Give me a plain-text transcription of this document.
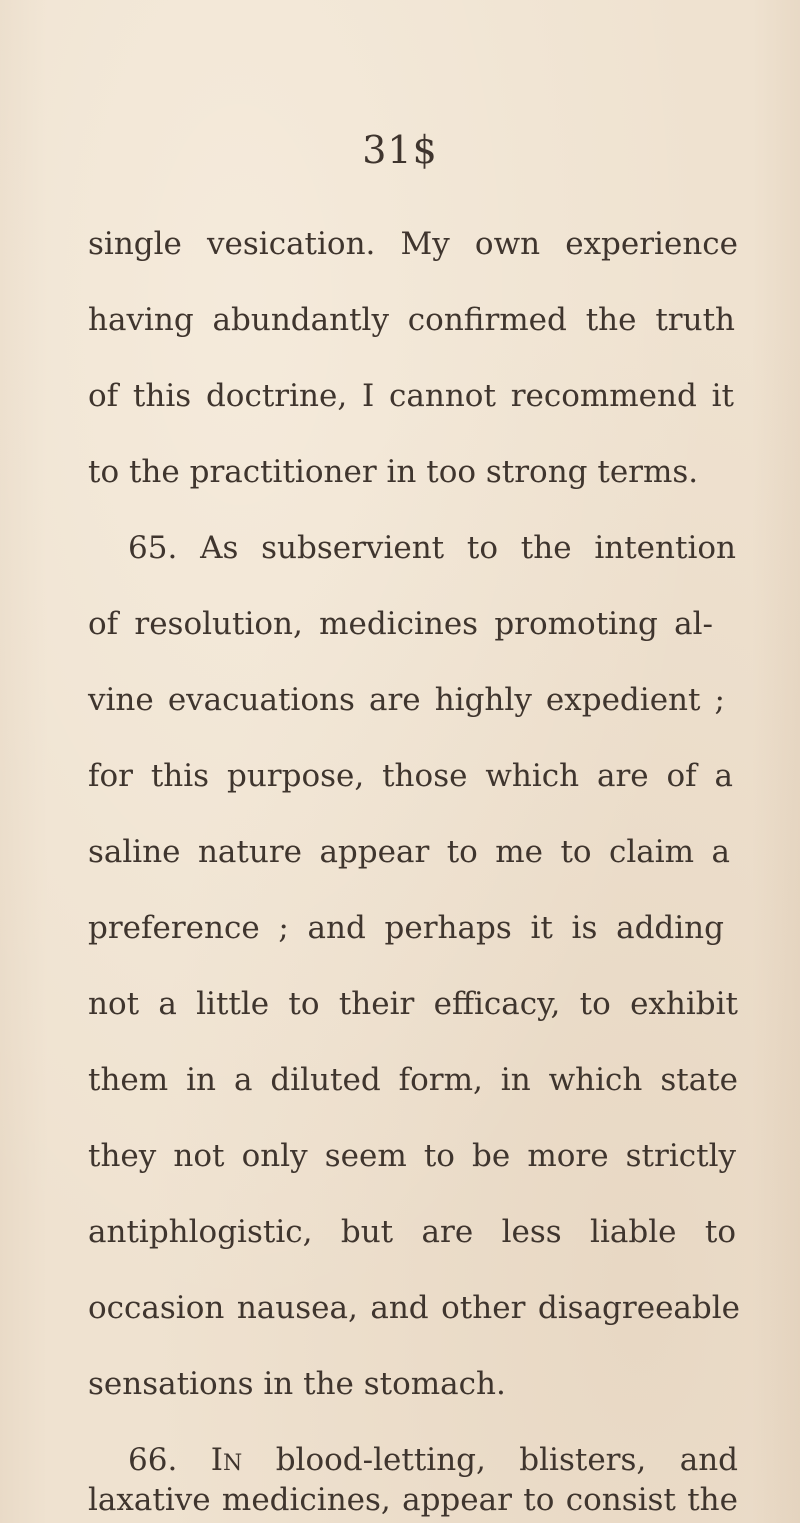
31$
single vesication. My own experience
having abundantly confirmed the truth
of this doctrine, I cannot recommend it
to the practitioner in too strong terms.
65. As subservient to the intention
of resolution, medicines promoting al-
vine evacuations are highly expedient ;
for this purpose, those which are of a
saline nature appear to me to claim a
preference ; and perhaps it is adding
not a little to their efficacy, to exhibit
them in a diluted form, in which state
they not only seem to be more strictly
antiphlogistic, but are less liable to
occasion nausea, and other disagreeable
sensations in the stomach.
66. In blood-letting, blisters, and
laxative medicines, appear to consist the
